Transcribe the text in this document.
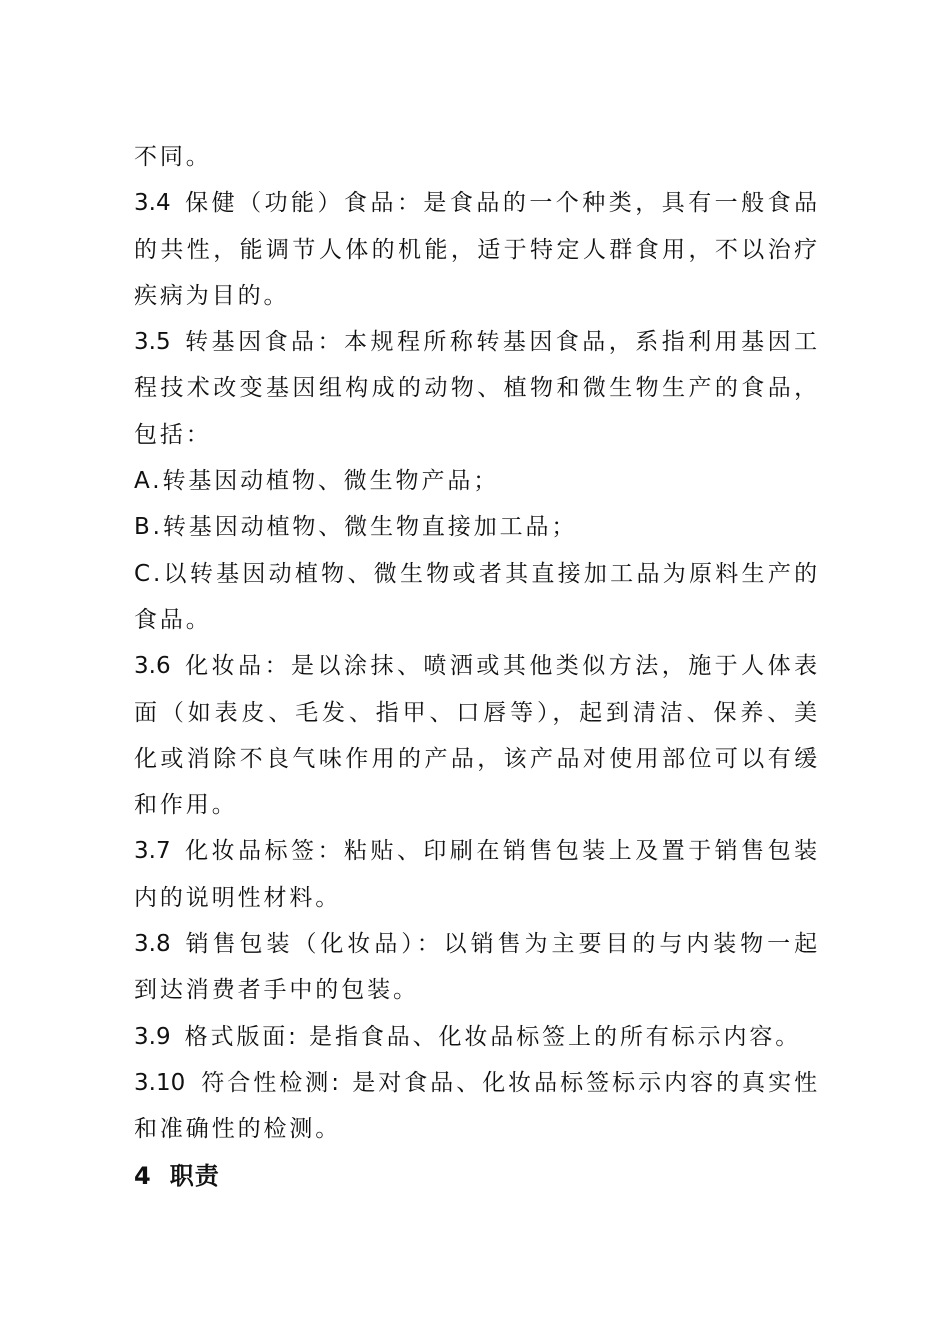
不同。

3.4 保健（功能）食品：是食品的一个种类，具有一般食品的共性，能调节人体的机能，适于特定人群食用，不以治疗疾病为目的。

3.5 转基因食品：本规程所称转基因食品，系指利用基因工程技术改变基因组构成的动物、植物和微生物生产的食品，包括：

A.转基因动植物、微生物产品；

B.转基因动植物、微生物直接加工品；

C.以转基因动植物、微生物或者其直接加工品为原料生产的食品。

3.6 化妆品：是以涂抹、喷洒或其他类似方法，施于人体表面（如表皮、毛发、指甲、口唇等），起到清洁、保养、美化或消除不良气味作用的产品，该产品对使用部位可以有缓和作用。

3.7 化妆品标签：粘贴、印刷在销售包装上及置于销售包装内的说明性材料。

3.8 销售包装（化妆品）：以销售为主要目的与内装物一起到达消费者手中的包装。

3.9 格式版面: 是指食品、化妆品标签上的所有标示内容。

3.10 符合性检测: 是对食品、化妆品标签标示内容的真实性和准确性的检测。

4 职责
